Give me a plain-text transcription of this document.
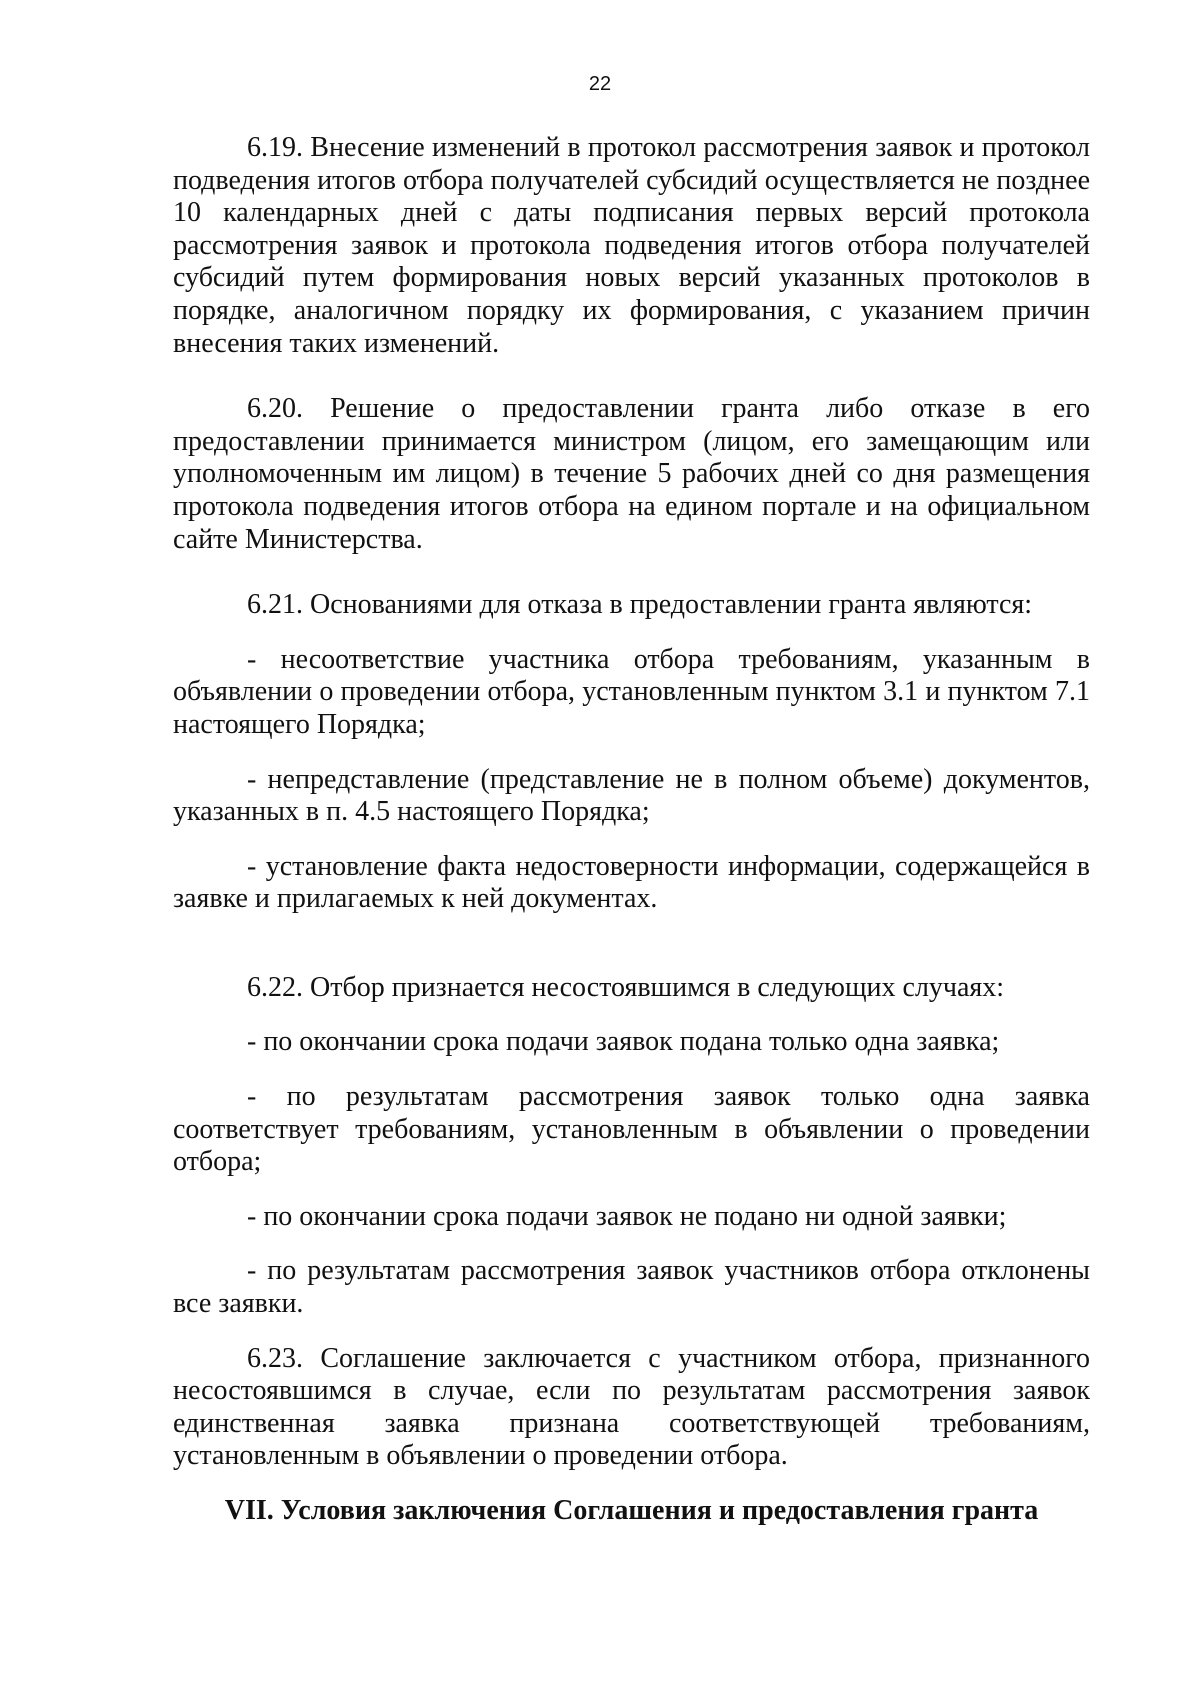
22

6.19. Внесение изменений в протокол рассмотрения заявок и протокол подведения итогов отбора получателей субсидий осуществляется не позднее 10 календарных дней с даты подписания первых версий протокола рассмотрения заявок и протокола подведения итогов отбора получателей субсидий путем формирования новых версий указанных протоколов в порядке, аналогичном порядку их формирования, с указанием причин внесения таких изменений.

6.20. Решение о предоставлении гранта либо отказе в его предоставлении принимается министром (лицом, его замещающим или уполномоченным им лицом) в течение 5 рабочих дней со дня размещения протокола подведения итогов отбора на едином портале и на официальном сайте Министерства.

6.21. Основаниями для отказа в предоставлении гранта являются:

- несоответствие участника отбора требованиям, указанным в объявлении о проведении отбора, установленным пунктом 3.1 и пунктом 7.1 настоящего Порядка;

- непредставление (представление не в полном объеме) документов, указанных в п. 4.5 настоящего Порядка;

- установление факта недостоверности информации, содержащейся в заявке и прилагаемых к ней документах.

6.22. Отбор признается несостоявшимся в следующих случаях:

- по окончании срока подачи заявок подана только одна заявка;

- по результатам рассмотрения заявок только одна заявка соответствует требованиям, установленным в объявлении о проведении отбора;

- по окончании срока подачи заявок не подано ни одной заявки;

- по результатам рассмотрения заявок участников отбора отклонены все заявки.

6.23. Соглашение заключается с участником отбора, признанного несостоявшимся в случае, если по результатам рассмотрения заявок единственная заявка признана соответствующей требованиям, установленным в объявлении о проведении отбора.

VII. Условия заключения Соглашения и предоставления гранта
